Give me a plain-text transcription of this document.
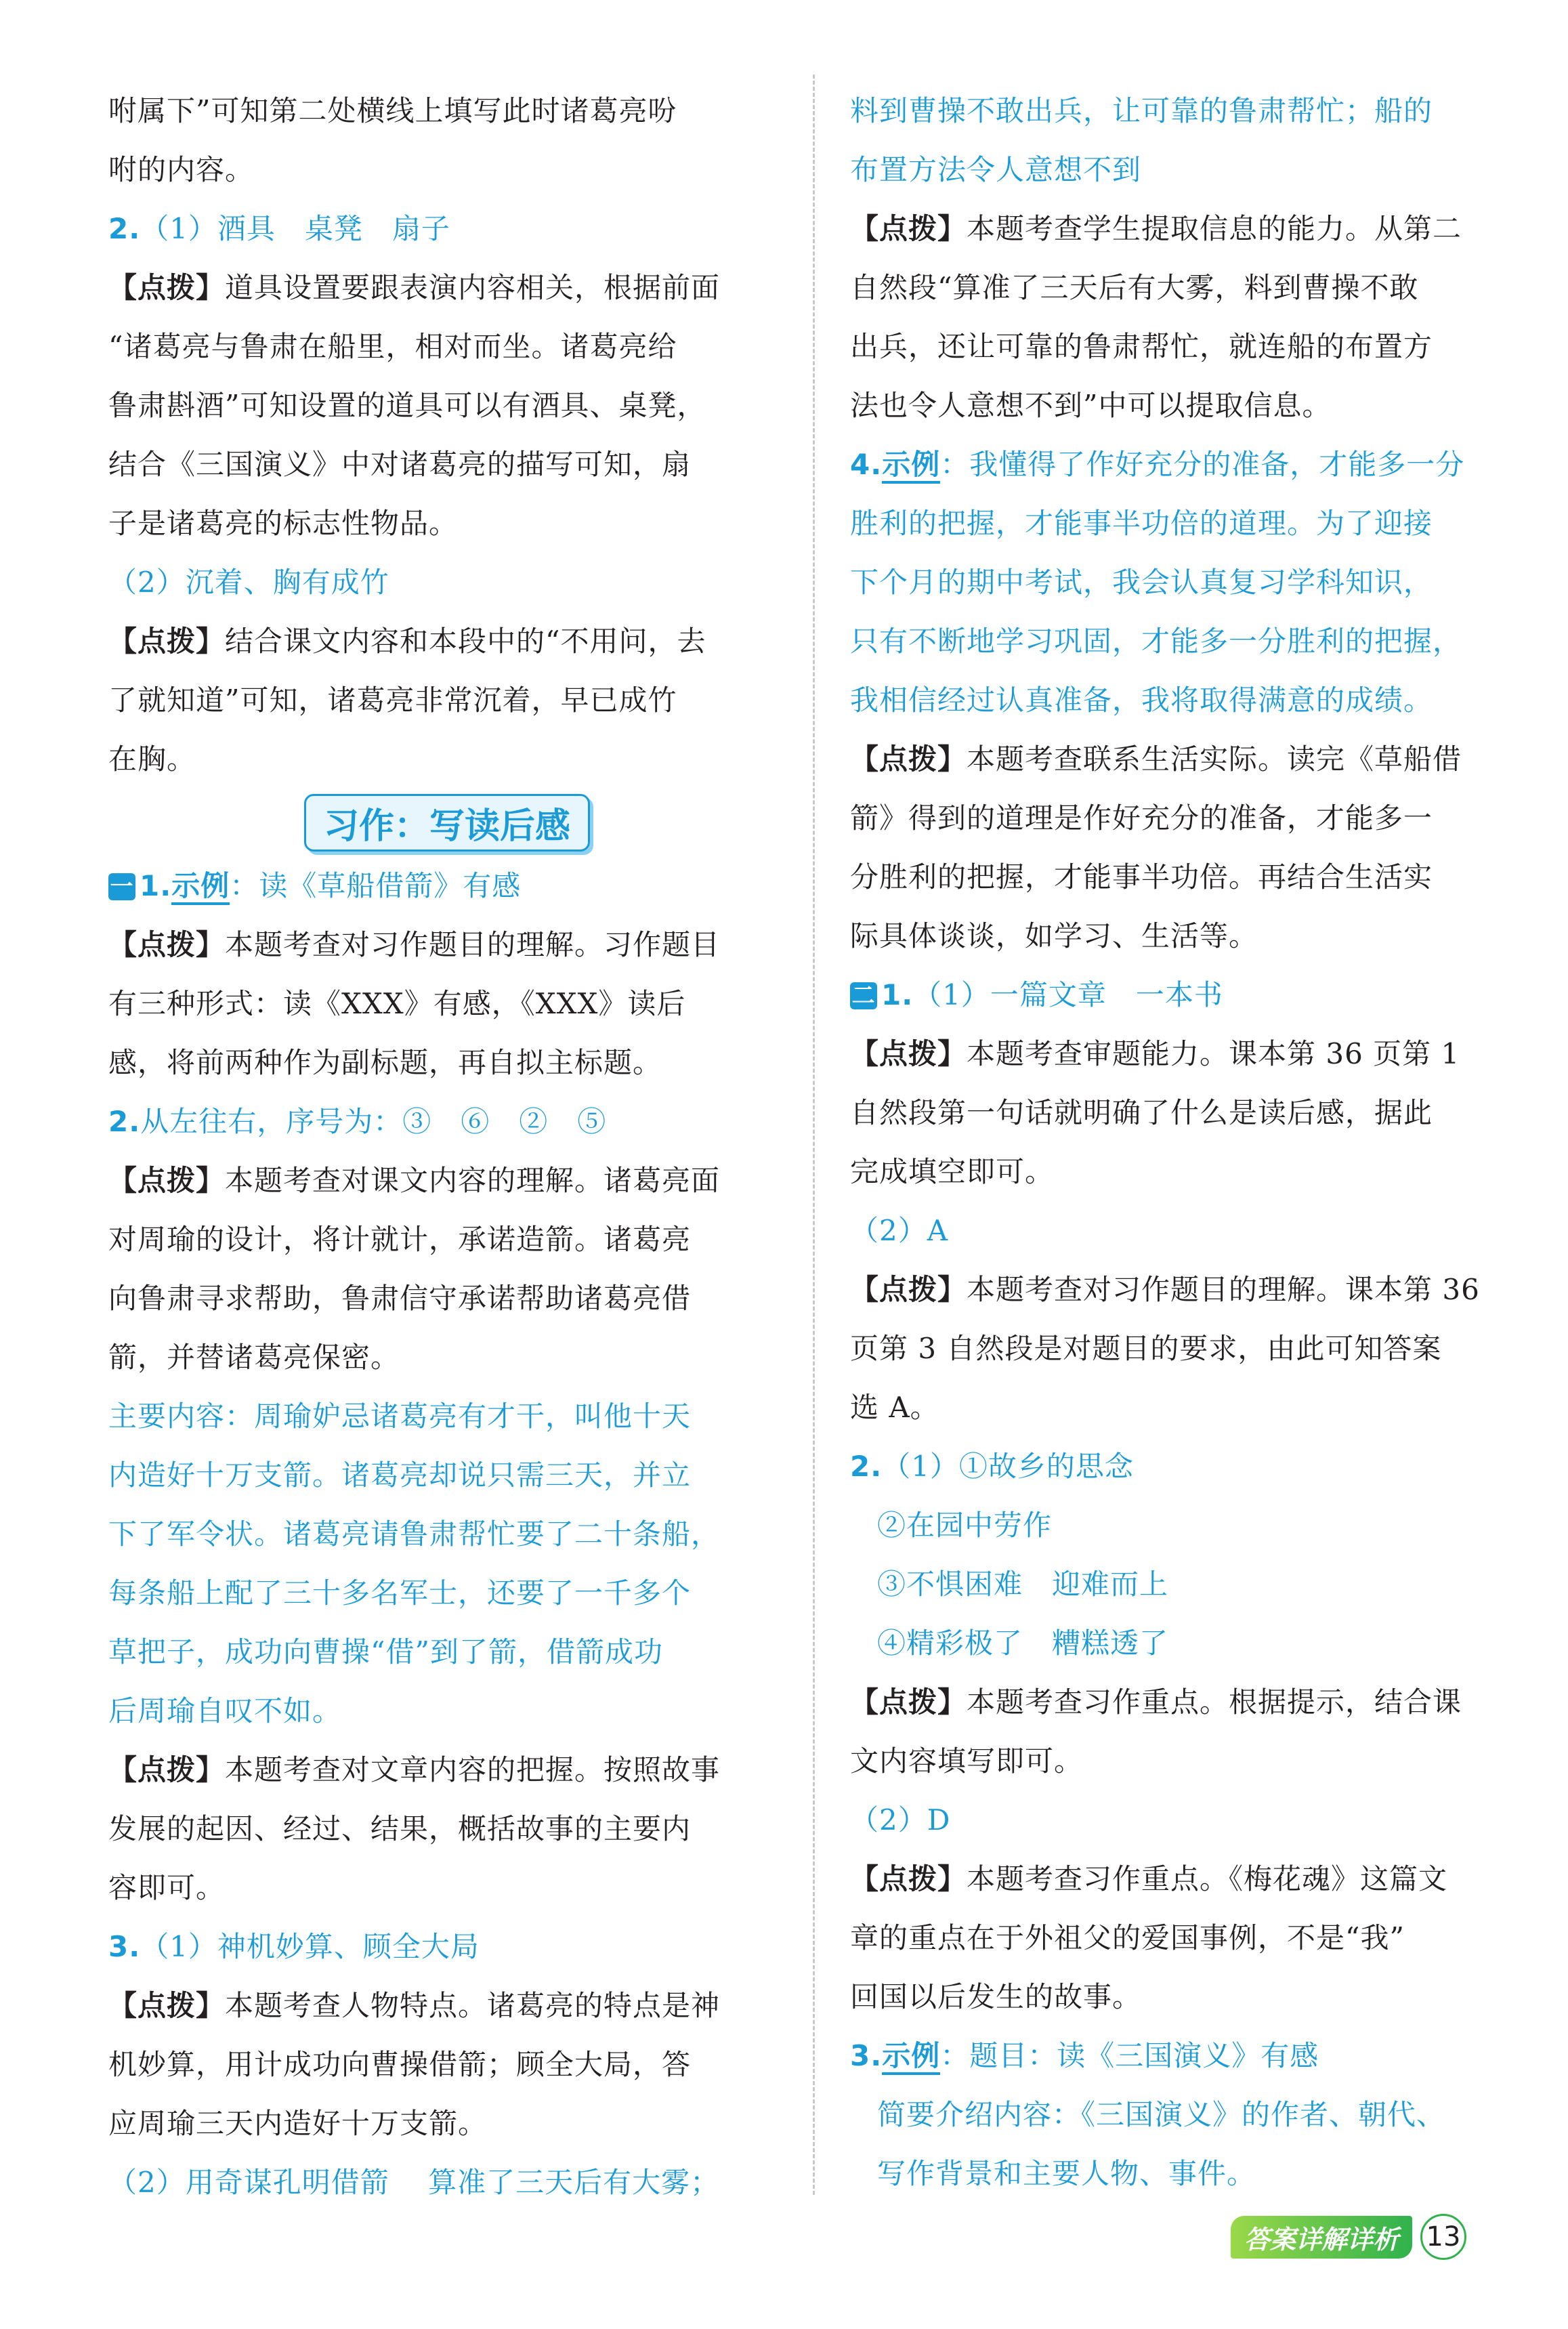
咐属下”可知第二处横线上填写此时诸葛亮吩
咐的内容。
2.（1）酒具　桌凳　扇子
【点拨】道具设置要跟表演内容相关，根据前面
“诸葛亮与鲁肃在船里，相对而坐。诸葛亮给
鲁肃斟酒”可知设置的道具可以有酒具、桌凳，
结合《三国演义》中对诸葛亮的描写可知，扇
子是诸葛亮的标志性物品。
（2）沉着、胸有成竹
【点拨】结合课文内容和本段中的“不用问，去
了就知道”可知，诸葛亮非常沉着，早已成竹
在胸。
习作：写读后感
一 1.示例：读《草船借箭》有感
【点拨】本题考查对习作题目的理解。习作题目
有三种形式：读《XXX》有感，《XXX》读后
感，将前两种作为副标题，再自拟主标题。
2.从左往右，序号为：③　⑥　②　⑤
【点拨】本题考查对课文内容的理解。诸葛亮面
对周瑜的设计，将计就计，承诺造箭。诸葛亮
向鲁肃寻求帮助，鲁肃信守承诺帮助诸葛亮借
箭，并替诸葛亮保密。
主要内容：周瑜妒忌诸葛亮有才干，叫他十天
内造好十万支箭。诸葛亮却说只需三天，并立
下了军令状。诸葛亮请鲁肃帮忙要了二十条船，
每条船上配了三十多名军士，还要了一千多个
草把子，成功向曹操“借”到了箭，借箭成功
后周瑜自叹不如。
【点拨】本题考查对文章内容的把握。按照故事
发展的起因、经过、结果，概括故事的主要内
容即可。
3.（1）神机妙算、顾全大局
【点拨】本题考查人物特点。诸葛亮的特点是神
机妙算，用计成功向曹操借箭；顾全大局，答
应周瑜三天内造好十万支箭。
（2）用奇谋孔明借箭　 算准了三天后有大雾；
料到曹操不敢出兵，让可靠的鲁肃帮忙；船的
布置方法令人意想不到
【点拨】本题考查学生提取信息的能力。从第二
自然段“算准了三天后有大雾，料到曹操不敢
出兵，还让可靠的鲁肃帮忙，就连船的布置方
法也令人意想不到”中可以提取信息。
4.示例：我懂得了作好充分的准备，才能多一分
胜利的把握，才能事半功倍的道理。为了迎接
下个月的期中考试，我会认真复习学科知识，
只有不断地学习巩固，才能多一分胜利的把握，
我相信经过认真准备，我将取得满意的成绩。
【点拨】本题考查联系生活实际。读完《草船借
箭》得到的道理是作好充分的准备，才能多一
分胜利的把握，才能事半功倍。再结合生活实
际具体谈谈，如学习、生活等。
二 1.（1）一篇文章　一本书
【点拨】本题考查审题能力。课本第 36 页第 1
自然段第一句话就明确了什么是读后感，据此
完成填空即可。
（2）A
【点拨】本题考查对习作题目的理解。课本第 36
页第 3 自然段是对题目的要求，由此可知答案
选 A。
2.（1）①故乡的思念
②在园中劳作
③不惧困难　迎难而上
④精彩极了　糟糕透了
【点拨】本题考查习作重点。根据提示，结合课
文内容填写即可。
（2）D
【点拨】本题考查习作重点。《梅花魂》这篇文
章的重点在于外祖父的爱国事例，不是“我”
回国以后发生的故事。
3.示例：题目：读《三国演义》有感
简要介绍内容：《三国演义》的作者、朝代、
写作背景和主要人物、事件。
答案详解详析	13
